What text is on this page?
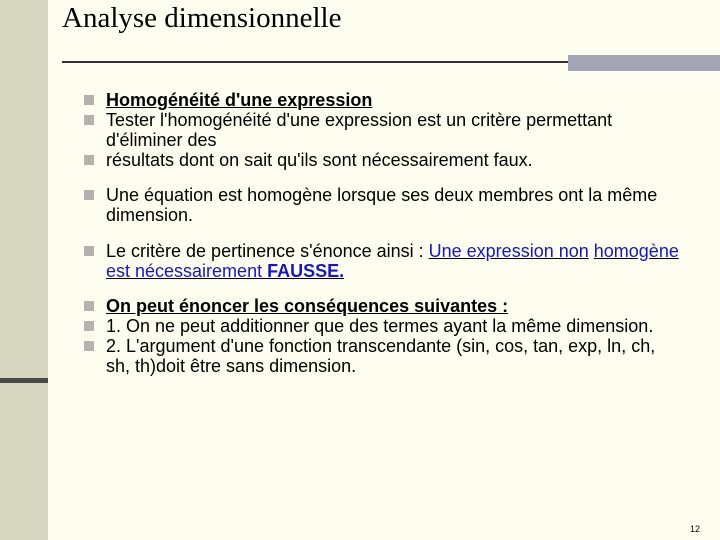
Analyse dimensionnelle
Homogénéité d'une expression
Tester l'homogénéité d'une expression est un critère permettant d'éliminer des
résultats dont on sait qu'ils sont nécessairement faux.
Une équation est homogène lorsque ses deux membres ont la même dimension.
Le critère de pertinence s'énonce ainsi : Une expression non homogène est nécessairement FAUSSE.
On peut énoncer les conséquences suivantes :
1. On ne peut additionner que des termes ayant la même dimension.
2. L'argument d'une fonction transcendante (sin, cos, tan, exp, ln, ch, sh, th)doit être sans dimension.
12
